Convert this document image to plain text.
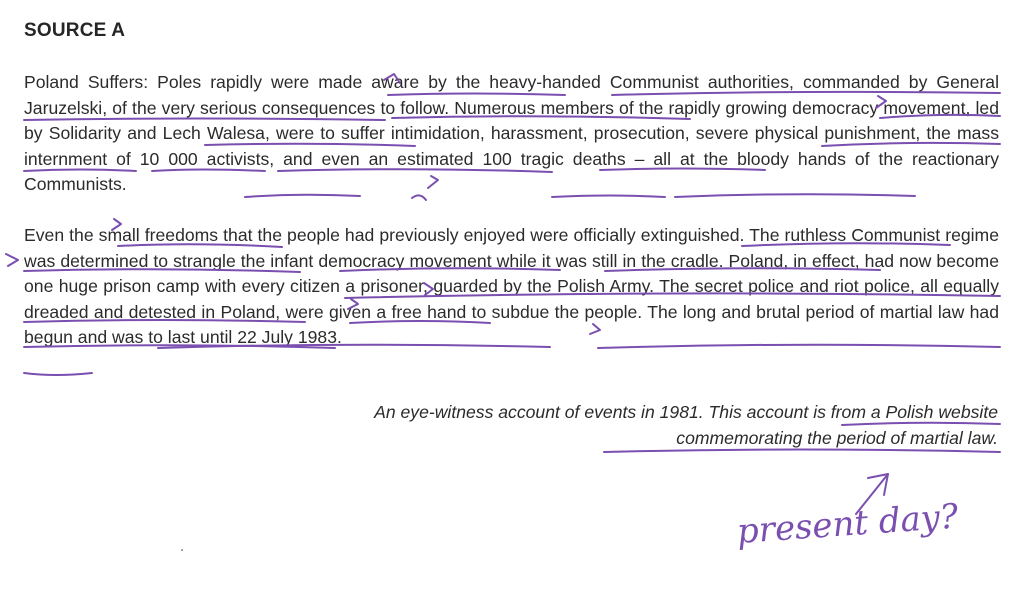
SOURCE A

Poland Suffers: Poles rapidly were made aware by the heavy-handed Communist authorities, commanded by General Jaruzelski, of the very serious consequences to follow. Numerous members of the rapidly growing democracy movement, led by Solidarity and Lech Walesa, were to suffer intimidation, harassment, prosecution, severe physical punishment, the mass internment of 10 000 activists, and even an estimated 100 tragic deaths – all at the bloody hands of the reactionary Communists.

Even the small freedoms that the people had previously enjoyed were officially extinguished. The ruthless Communist regime was determined to strangle the infant democracy movement while it was still in the cradle. Poland, in effect, had now become one huge prison camp with every citizen a prisoner, guarded by the Polish Army. The secret police and riot police, all equally dreaded and detested in Poland, were given a free hand to subdue the people. The long and brutal period of martial law had begun and was to last until 22 July 1983.

An eye-witness account of events in 1981. This account is from a Polish website
commemorating the period of martial law.
present day?
